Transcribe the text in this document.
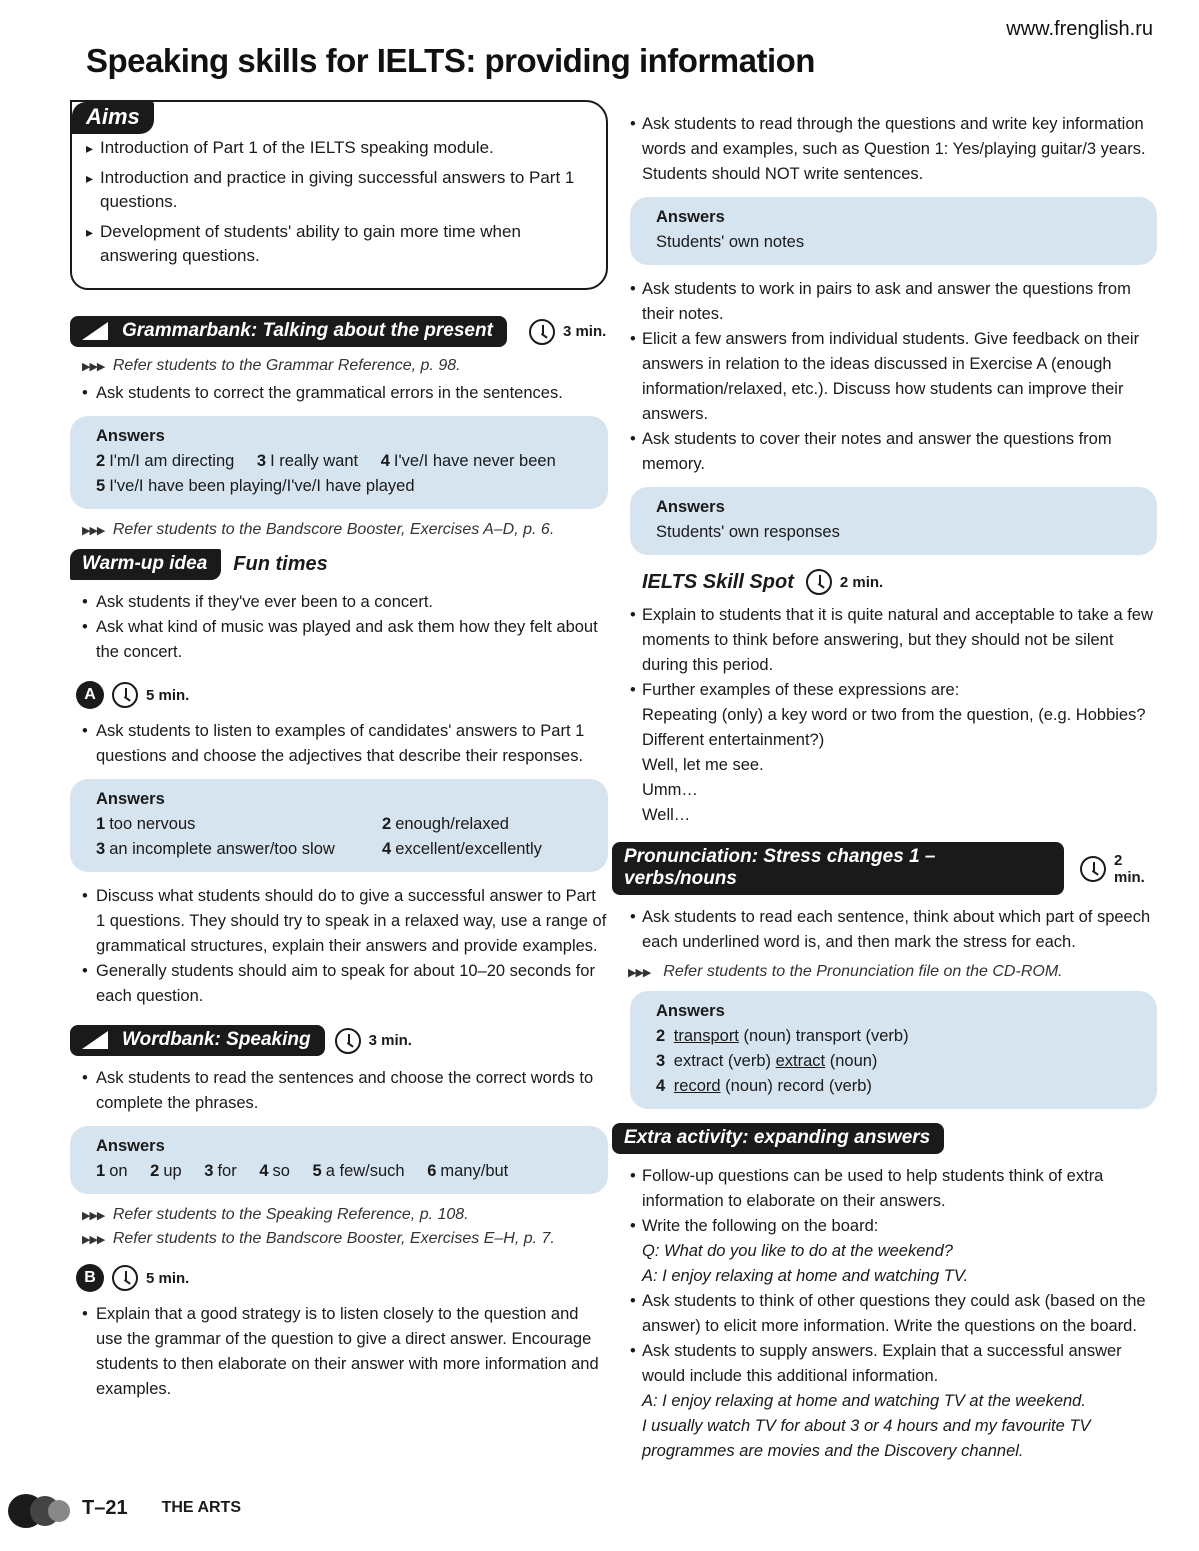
www.frenglish.ru
Speaking skills for IELTS: providing information
Aims
▸ Introduction of Part 1 of the IELTS speaking module.
▸ Introduction and practice in giving successful answers to Part 1 questions.
▸ Development of students' ability to gain more time when answering questions.
Grammarbank: Talking about the present	3 min.
▶▶▶ Refer students to the Grammar Reference, p. 98.
• Ask students to correct the grammatical errors in the sentences.
Answers
2 I'm/I am directing 3 I really want 4 I've/I have never been
5 I've/I have been playing/I've/I have played
▶▶▶ Refer students to the Bandscore Booster, Exercises A–D, p. 6.
Warm-up idea Fun times
• Ask students if they've ever been to a concert.
• Ask what kind of music was played and ask them how they felt about the concert.
A	5 min.
• Ask students to listen to examples of candidates' answers to Part 1 questions and choose the adjectives that describe their responses.
Answers
1 too nervous	2 enough/relaxed
3 an incomplete answer/too slow	4 excellent/excellently
• Discuss what students should do to give a successful answer to Part 1 questions. They should try to speak in a relaxed way, use a range of grammatical structures, explain their answers and provide examples.
• Generally students should aim to speak for about 10–20 seconds for each question.
Wordbank: Speaking	3 min.
• Ask students to read the sentences and choose the correct words to complete the phrases.
Answers
1 on 2 up 3 for 4 so 5 a few/such 6 many/but
▶▶▶ Refer students to the Speaking Reference, p. 108.
▶▶▶ Refer students to the Bandscore Booster, Exercises E–H, p. 7.
B	5 min.
• Explain that a good strategy is to listen closely to the question and use the grammar of the question to give a direct answer. Encourage students to then elaborate on their answer with more information and examples.
• Ask students to read through the questions and write key information words and examples, such as Question 1: Yes/playing guitar/3 years. Students should NOT write sentences.
Answers
Students' own notes
• Ask students to work in pairs to ask and answer the questions from their notes.
• Elicit a few answers from individual students. Give feedback on their answers in relation to the ideas discussed in Exercise A (enough information/relaxed, etc.). Discuss how students can improve their answers.
• Ask students to cover their notes and answer the questions from memory.
Answers
Students' own responses
IELTS Skill Spot	2 min.
• Explain to students that it is quite natural and acceptable to take a few moments to think before answering, but they should not be silent during this period.
• Further examples of these expressions are:
Repeating (only) a key word or two from the question, (e.g. Hobbies? Different entertainment?)
Well, let me see.
Umm…
Well…
Pronunciation: Stress changes 1 – verbs/nouns
2 min.
• Ask students to read each sentence, think about which part of speech each underlined word is, and then mark the stress for each.
▶▶▶ Refer students to the Pronunciation file on the CD-ROM.
Answers
2 transport (noun) transport (verb)
3 extract (verb) extract (noun)
4 record (noun) record (verb)
Extra activity: expanding answers
• Follow-up questions can be used to help students think of extra information to elaborate on their answers.
• Write the following on the board:
Q: What do you like to do at the weekend?
A: I enjoy relaxing at home and watching TV.
• Ask students to think of other questions they could ask (based on the answer) to elicit more information. Write the questions on the board.
• Ask students to supply answers. Explain that a successful answer would include this additional information.
A: I enjoy relaxing at home and watching TV at the weekend.
I usually watch TV for about 3 or 4 hours and my favourite TV programmes are movies and the Discovery channel.
T–21 THE ARTS
